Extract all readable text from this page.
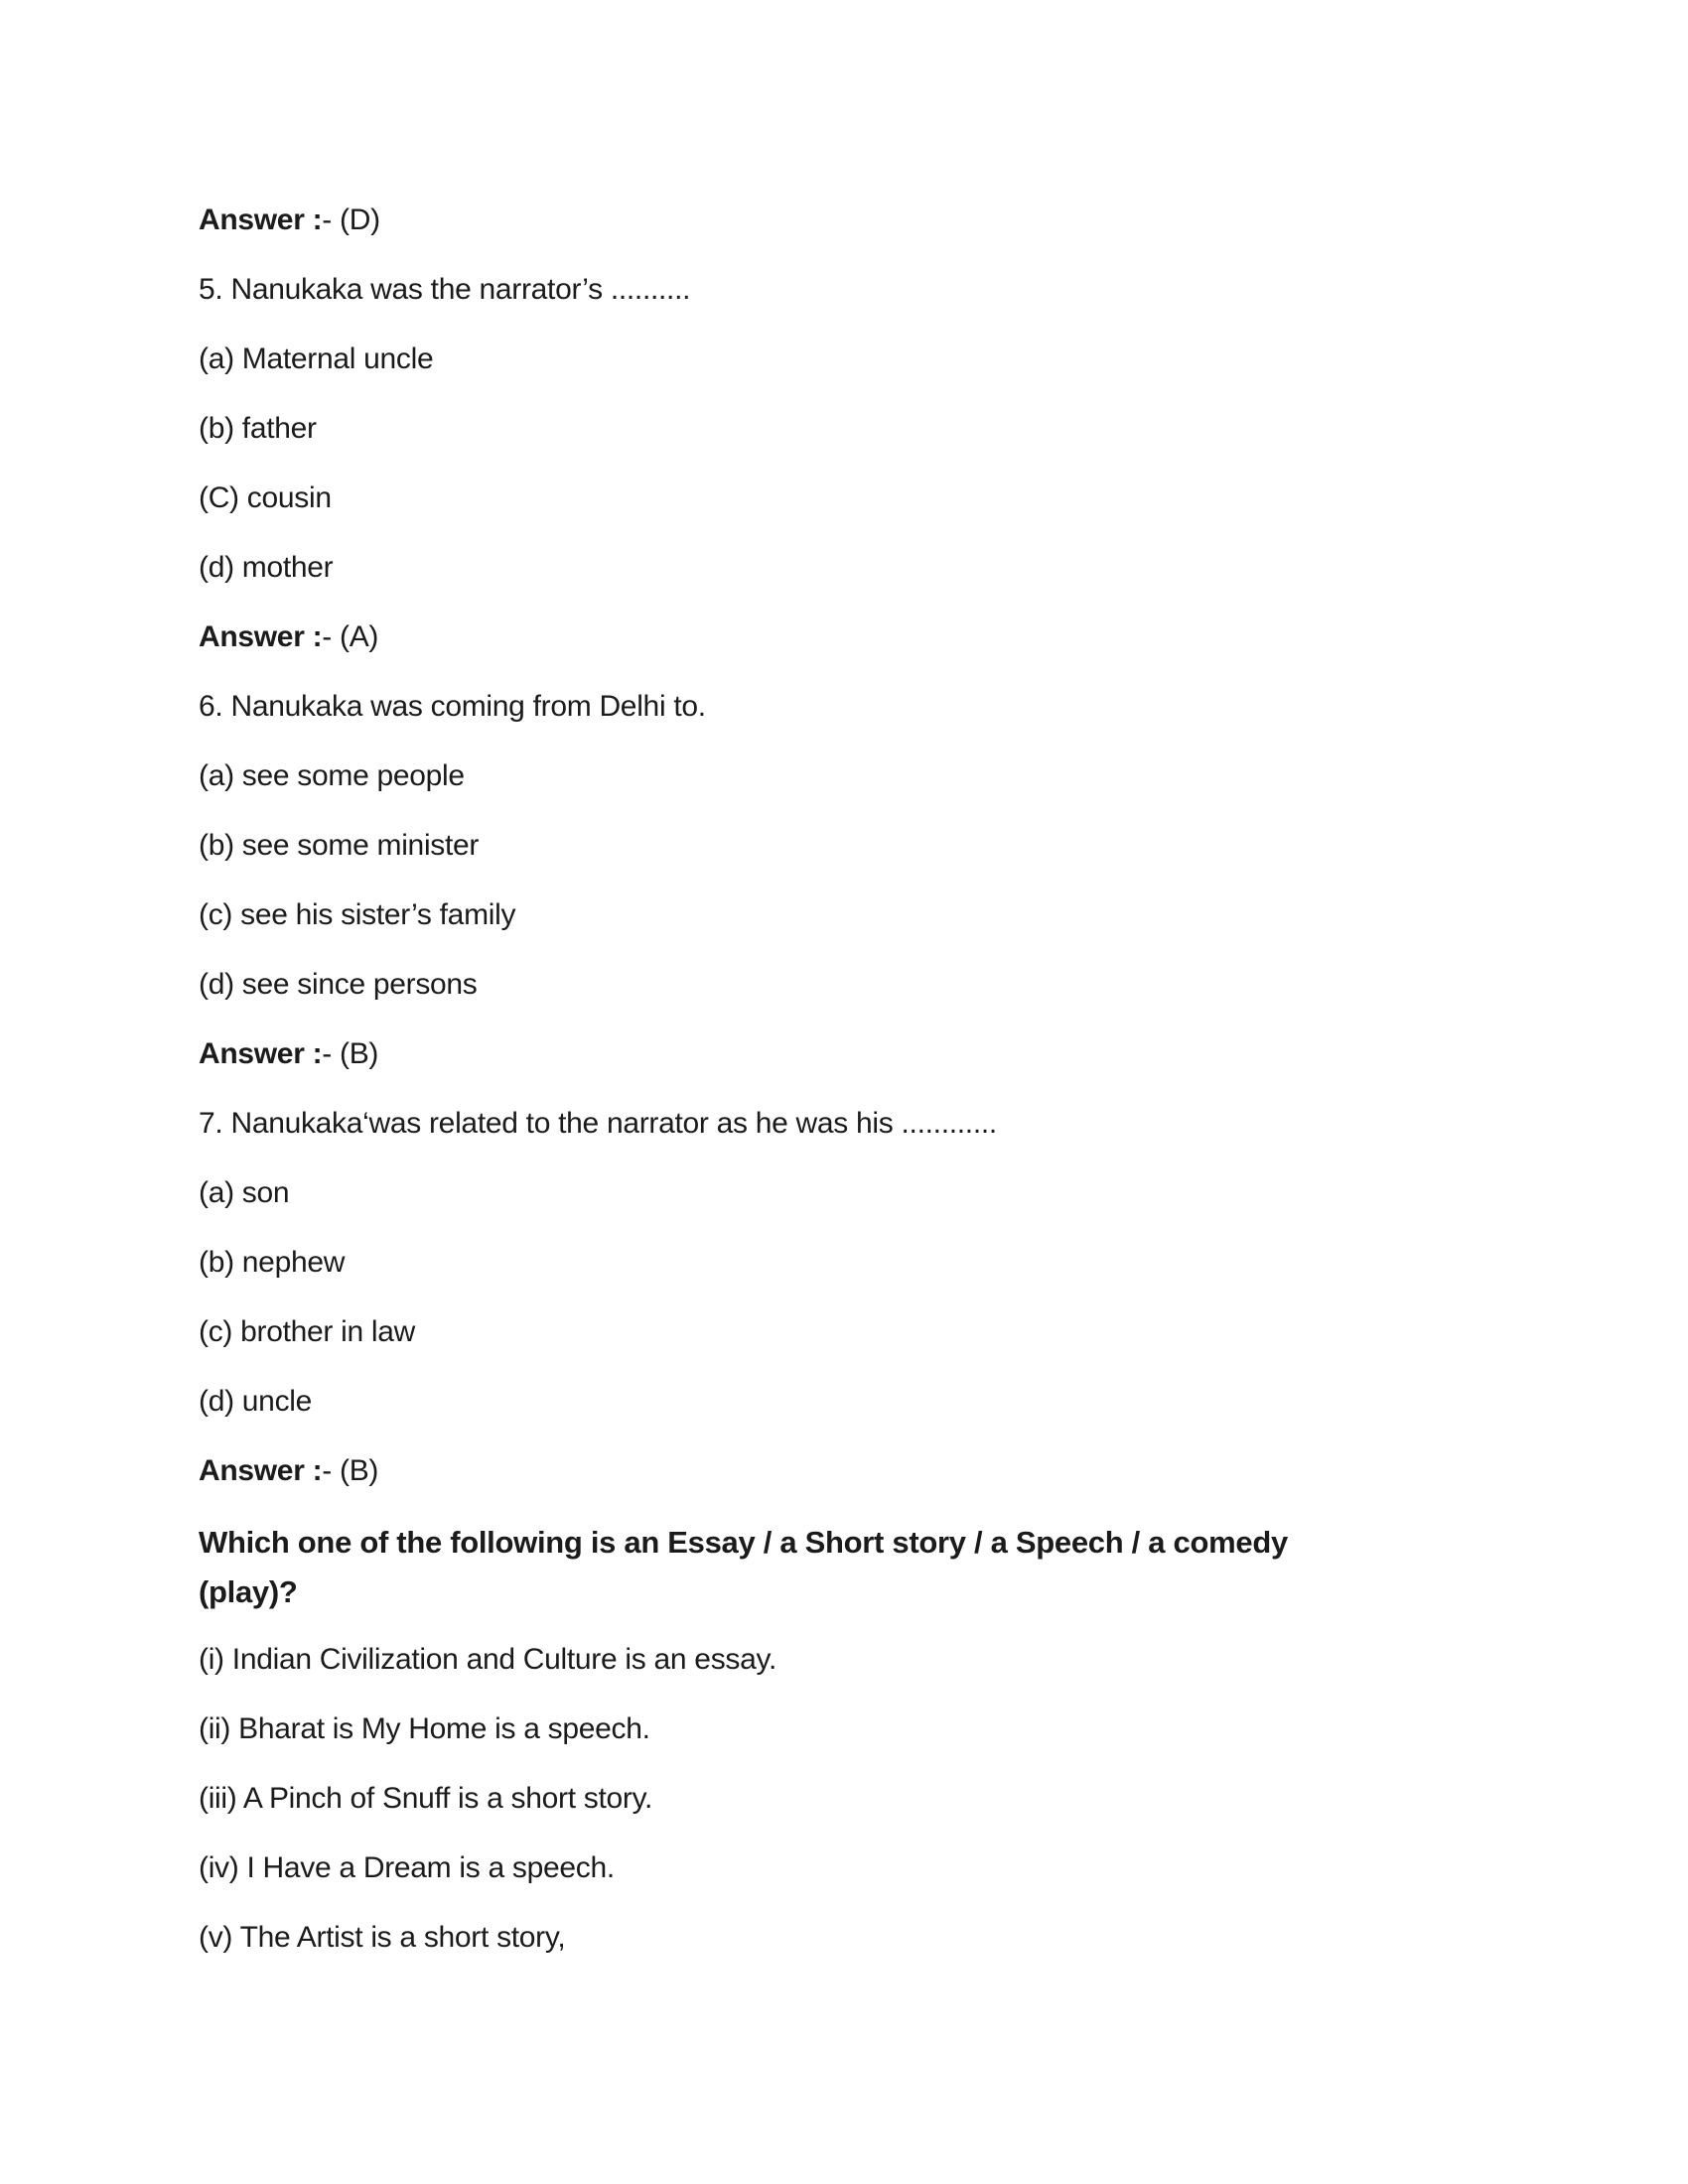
Answer :- (D)

5. Nanukaka was the narrator’s ..........

(a) Maternal uncle

(b) father

(C) cousin

(d) mother

Answer :- (A)

6. Nanukaka was coming from Delhi to.

(a) see some people

(b) see some minister

(c) see his sister’s family

(d) see since persons

Answer :- (B)

7. Nanukaka‘was related to the narrator as he was his ............

(a) son

(b) nephew

(c) brother in law

(d) uncle

Answer :- (B)

Which one of the following is an Essay / a Short story / a Speech / a comedy
(play)?

(i) Indian Civilization and Culture is an essay.

(ii) Bharat is My Home is a speech.

(iii) A Pinch of Snuff is a short story.

(iv) I Have a Dream is a speech.

(v) The Artist is a short story,
